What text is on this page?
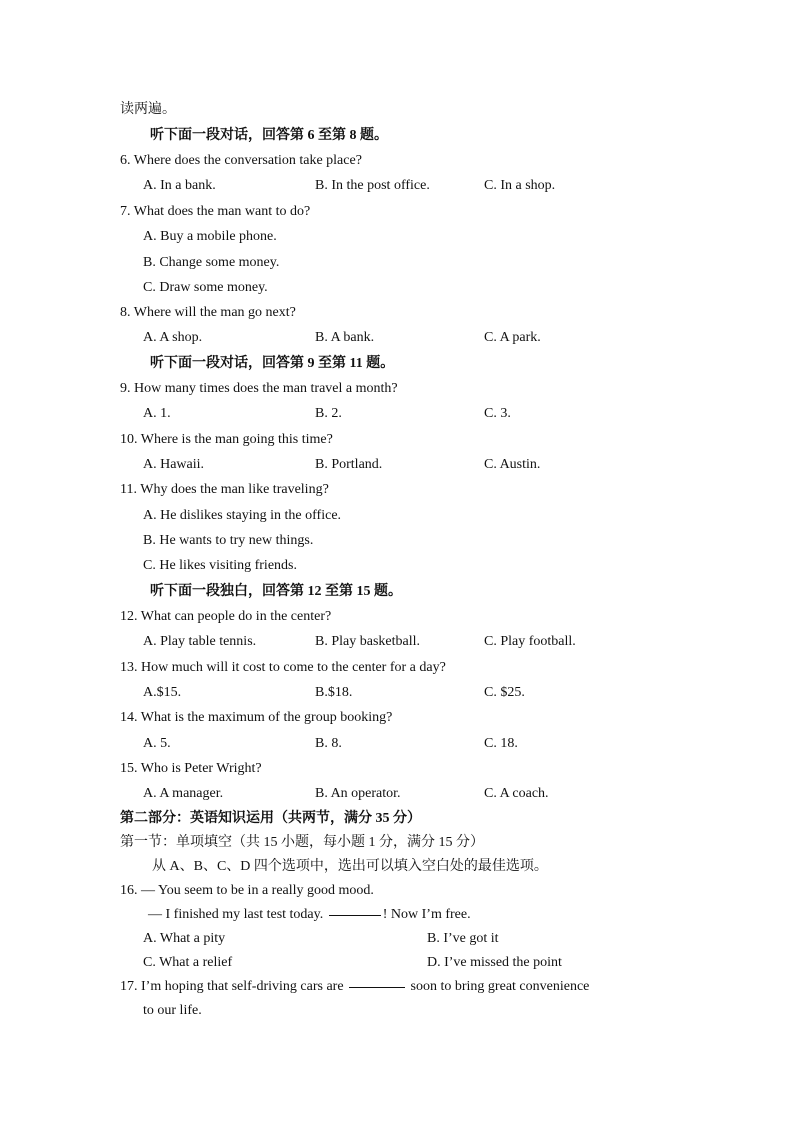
读两遍。
听下面一段对话，回答第 6 至第 8 题。
6. Where does the conversation take place?
A. In a bank.	B. In the post office.	C. In a shop.
7. What does the man want to do?
A. Buy a mobile phone.
B. Change some money.
C. Draw some money.
8. Where will the man go next?
A. A shop.	B. A bank.	C. A park.
听下面一段对话，回答第 9 至第 11 题。
9. How many times does the man travel a month?
A. 1.	B. 2.	C. 3.
10. Where is the man going this time?
A. Hawaii.	B. Portland.	C. Austin.
11. Why does the man like traveling?
A. He dislikes staying in the office.
B. He wants to try new things.
C. He likes visiting friends.
听下面一段独白，回答第 12 至第 15 题。
12. What can people do in the center?
A. Play table tennis.	B. Play basketball.	C. Play football.
13. How much will it cost to come to the center for a day?
A.$15.	B.$18.	C. $25.
14. What is the maximum of the group booking?
A. 5.	B. 8.	C. 18.
15. Who is Peter Wright?
A. A manager.	B. An operator.	C. A coach.
第二部分：英语知识运用（共两节，满分 35 分）
第一节：单项填空（共 15 小题，每小题 1 分，满分 15 分）
从 A、B、C、D 四个选项中，选出可以填入空白处的最佳选项。
16. — You seem to be in a really good mood.
— I finished my last test today.	! Now I’m free.
A. What a pity	B. I’ve got it
C. What a relief	D. I’ve missed the point
17. I’m hoping that self-driving cars are	soon to bring great convenience
to our life.
